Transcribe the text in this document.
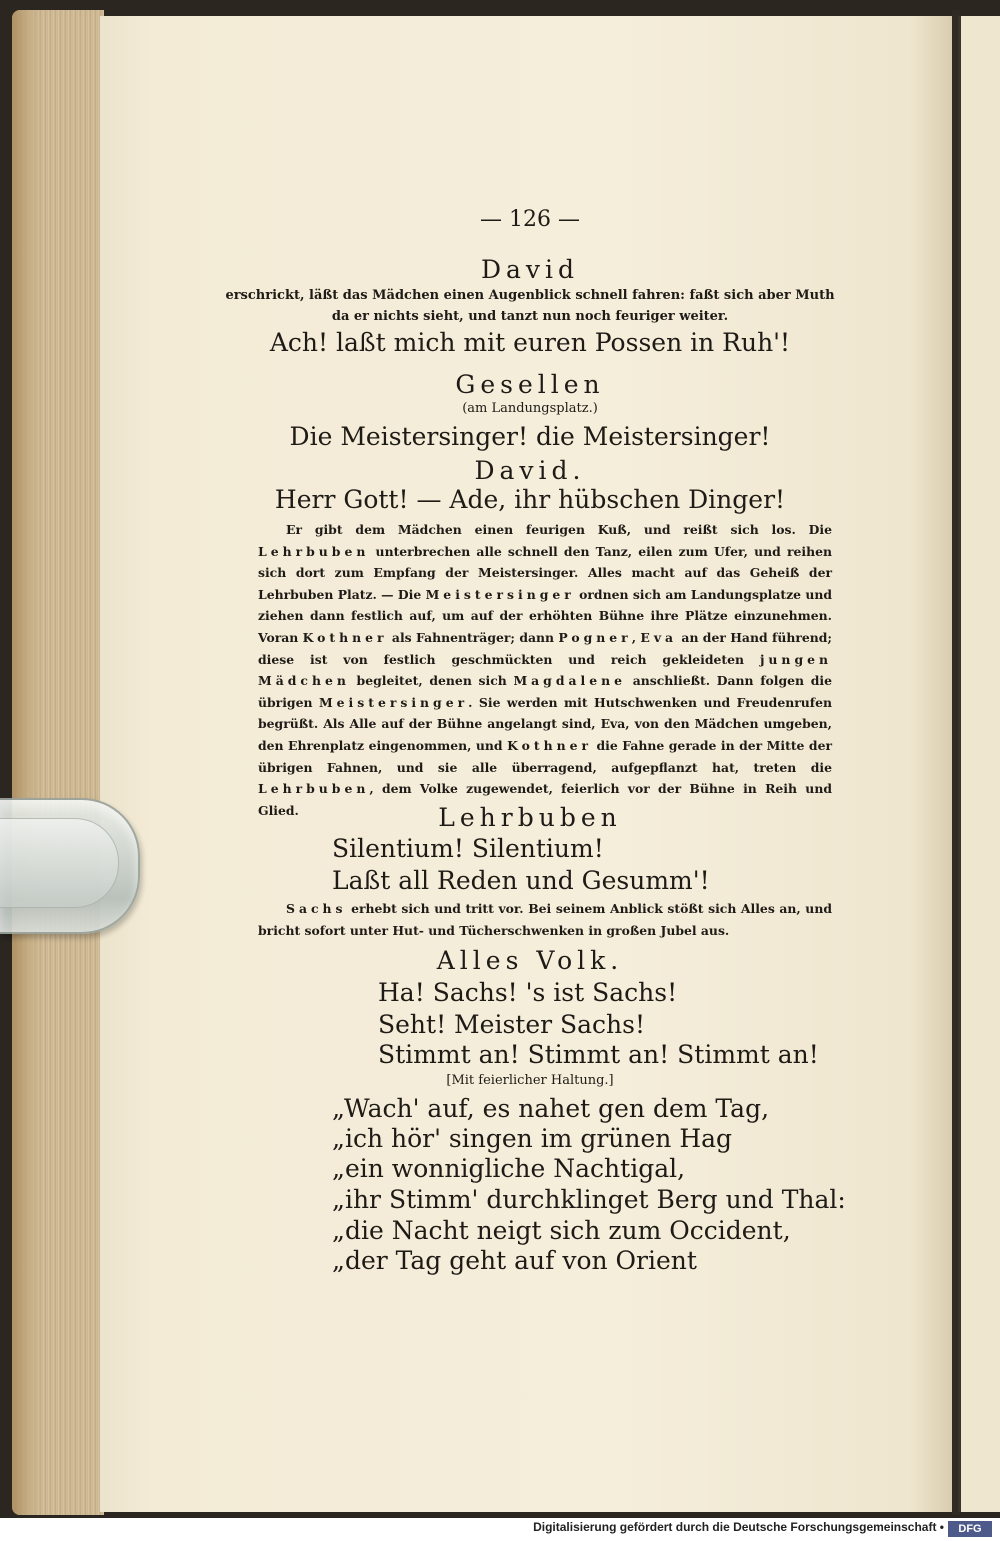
— 126 —
David
erschrickt, läßt das Mädchen einen Augenblick schnell fahren: faßt sich aber Muth
da er nichts sieht, und tanzt nun noch feuriger weiter.
Ach! laßt mich mit euren Possen in Ruh'!
Gesellen
(am Landungsplatz.)
Die Meistersinger! die Meistersinger!
David.
Herr Gott! — Ade, ihr hübschen Dinger!
Er gibt dem Mädchen einen feurigen Kuß, und reißt sich los. Die Lehrbuben unterbrechen alle schnell den Tanz, eilen zum Ufer, und reihen sich dort zum Empfang der Meistersinger. Alles macht auf das Geheiß der Lehrbuben Platz. — Die Meistersinger ordnen sich am Landungsplatze und ziehen dann festlich auf, um auf der erhöhten Bühne ihre Plätze einzunehmen. Voran Kothner als Fahnenträger; dann Pogner, Eva an der Hand führend; diese ist von festlich geschmückten und reich gekleideten jungen Mädchen begleitet, denen sich Magdalene anschließt. Dann folgen die übrigen Meistersinger. Sie werden mit Hutschwenken und Freudenrufen begrüßt. Als Alle auf der Bühne angelangt sind, Eva, von den Mädchen umgeben, den Ehrenplatz eingenommen, und Kothner die Fahne gerade in der Mitte der übrigen Fahnen, und sie alle überragend, aufgepflanzt hat, treten die Lehrbuben, dem Volke zugewendet, feierlich vor der Bühne in Reih und Glied.	Lehrbuben
Silentium! Silentium!
Laßt all Reden und Gesumm'!
Sachs erhebt sich und tritt vor. Bei seinem Anblick stößt sich Alles an, und bricht sofort unter Hut- und Tücherschwenken in großen Jubel aus.
Alles Volk.
Ha! Sachs! 's ist Sachs!
Seht! Meister Sachs!
Stimmt an! Stimmt an! Stimmt an!
[Mit feierlicher Haltung.]
„Wach' auf, es nahet gen dem Tag,
„ich hör' singen im grünen Hag
„ein wonnigliche Nachtigal,
„ihr Stimm' durchklinget Berg und Thal:
„die Nacht neigt sich zum Occident,
„der Tag geht auf von Orient
Digitalisierung gefördert durch die Deutsche Forschungsgemeinschaft •	DFG
